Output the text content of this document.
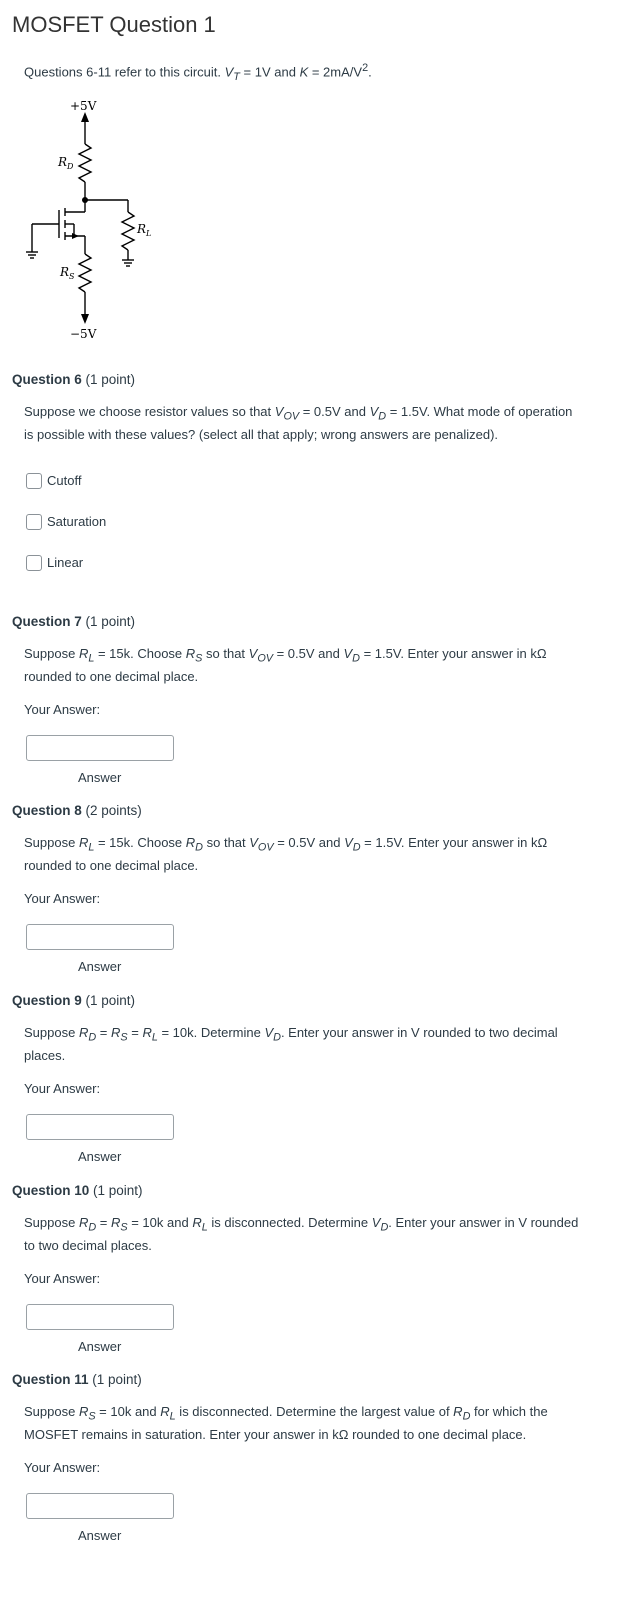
MOSFET Question 1
Questions 6-11 refer to this circuit. $V_T = 1V$ and $K = 2mA/V^2$.
+5V
−5V
$R_D$
$R_S$
$R_L$

Question 6 (1 point)

Suppose we choose resistor values so that $V_{OV} = 0.5V$ and $V_D = 1.5V$. What mode of operation is possible with these values? (select all that apply; wrong answers are penalized).
Cutoff
Saturation
Linear

Question 7 (1 point)

Suppose $R_L = 15k$. Choose $R_S$ so that $V_{OV} = 0.5V$ and $V_D = 1.5V$. Enter your answer in kΩ rounded to one decimal place.
Your Answer:
Answer

Question 8 (2 points)

Suppose $R_L = 15k$. Choose $R_D$ so that $V_{OV} = 0.5V$ and $V_D = 1.5V$. Enter your answer in kΩ rounded to one decimal place.
Your Answer:
Answer

Question 9 (1 point)

Suppose $R_D = R_S = R_L = 10k$. Determine $V_D$. Enter your answer in V rounded to two decimal places.
Your Answer:
Answer

Question 10 (1 point)

Suppose $R_D = R_S = 10k$ and $R_L$ is disconnected. Determine $V_D$. Enter your answer in V rounded to two decimal places.
Your Answer:
Answer

Question 11 (1 point)

Suppose $R_S = 10k$ and $R_L$ is disconnected. Determine the largest value of $R_D$ for which the MOSFET remains in saturation. Enter your answer in kΩ rounded to one decimal place.
Your Answer:
Answer
